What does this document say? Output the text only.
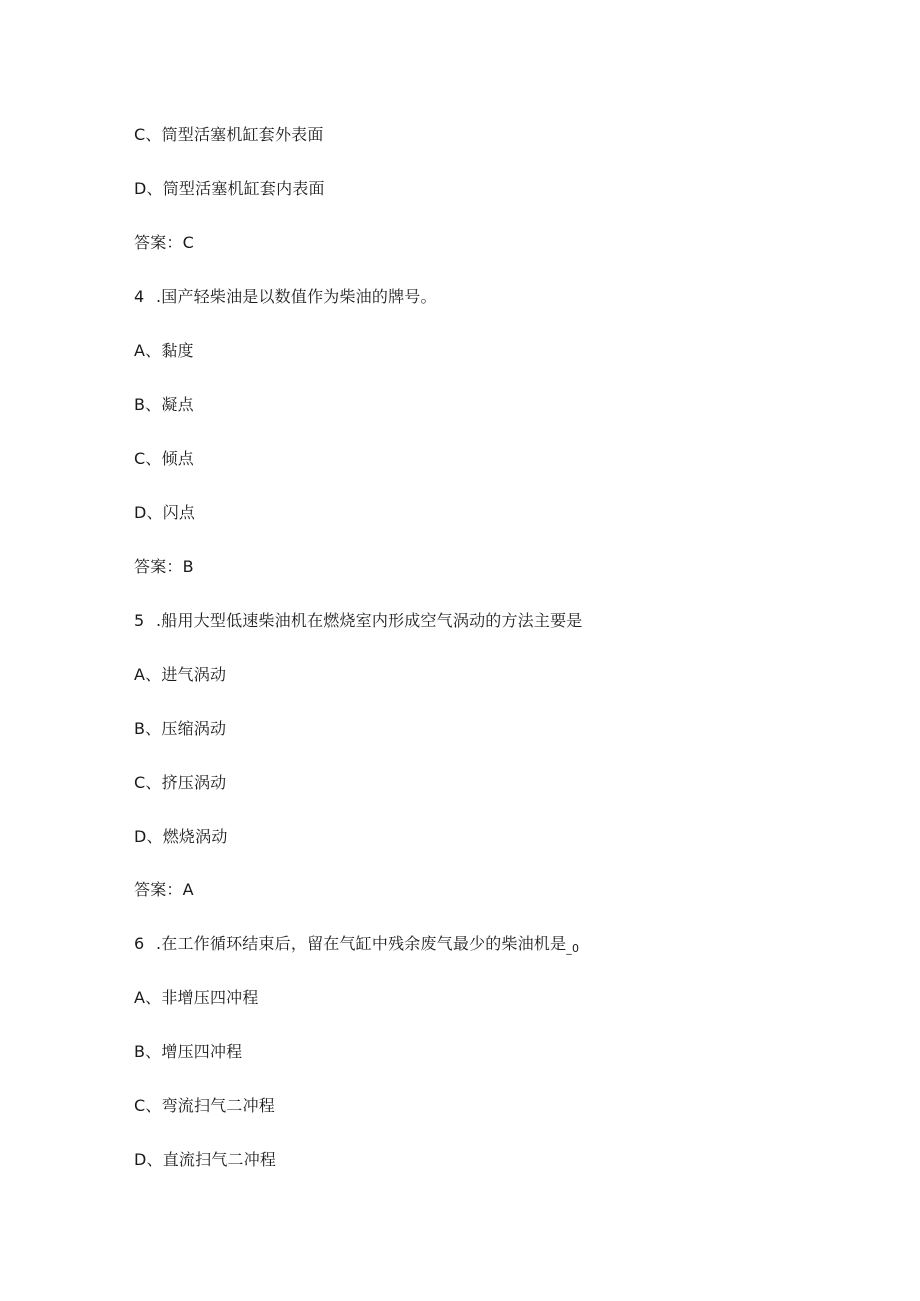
C、筒型活塞机缸套外表面
D、筒型活塞机缸套内表面
答案：C
4 .国产轻柴油是以数值作为柴油的牌号。
A、黏度
B、凝点
C、倾点
D、闪点
答案：B
5 .船用大型低速柴油机在燃烧室内形成空气涡动的方法主要是
A、进气涡动
B、压缩涡动
C、挤压涡动
D、燃烧涡动
答案：A
6 .在工作循环结束后，留在气缸中残余废气最少的柴油机是$_{\_0}$
A、非增压四冲程
B、增压四冲程
C、弯流扫气二冲程
D、直流扫气二冲程
